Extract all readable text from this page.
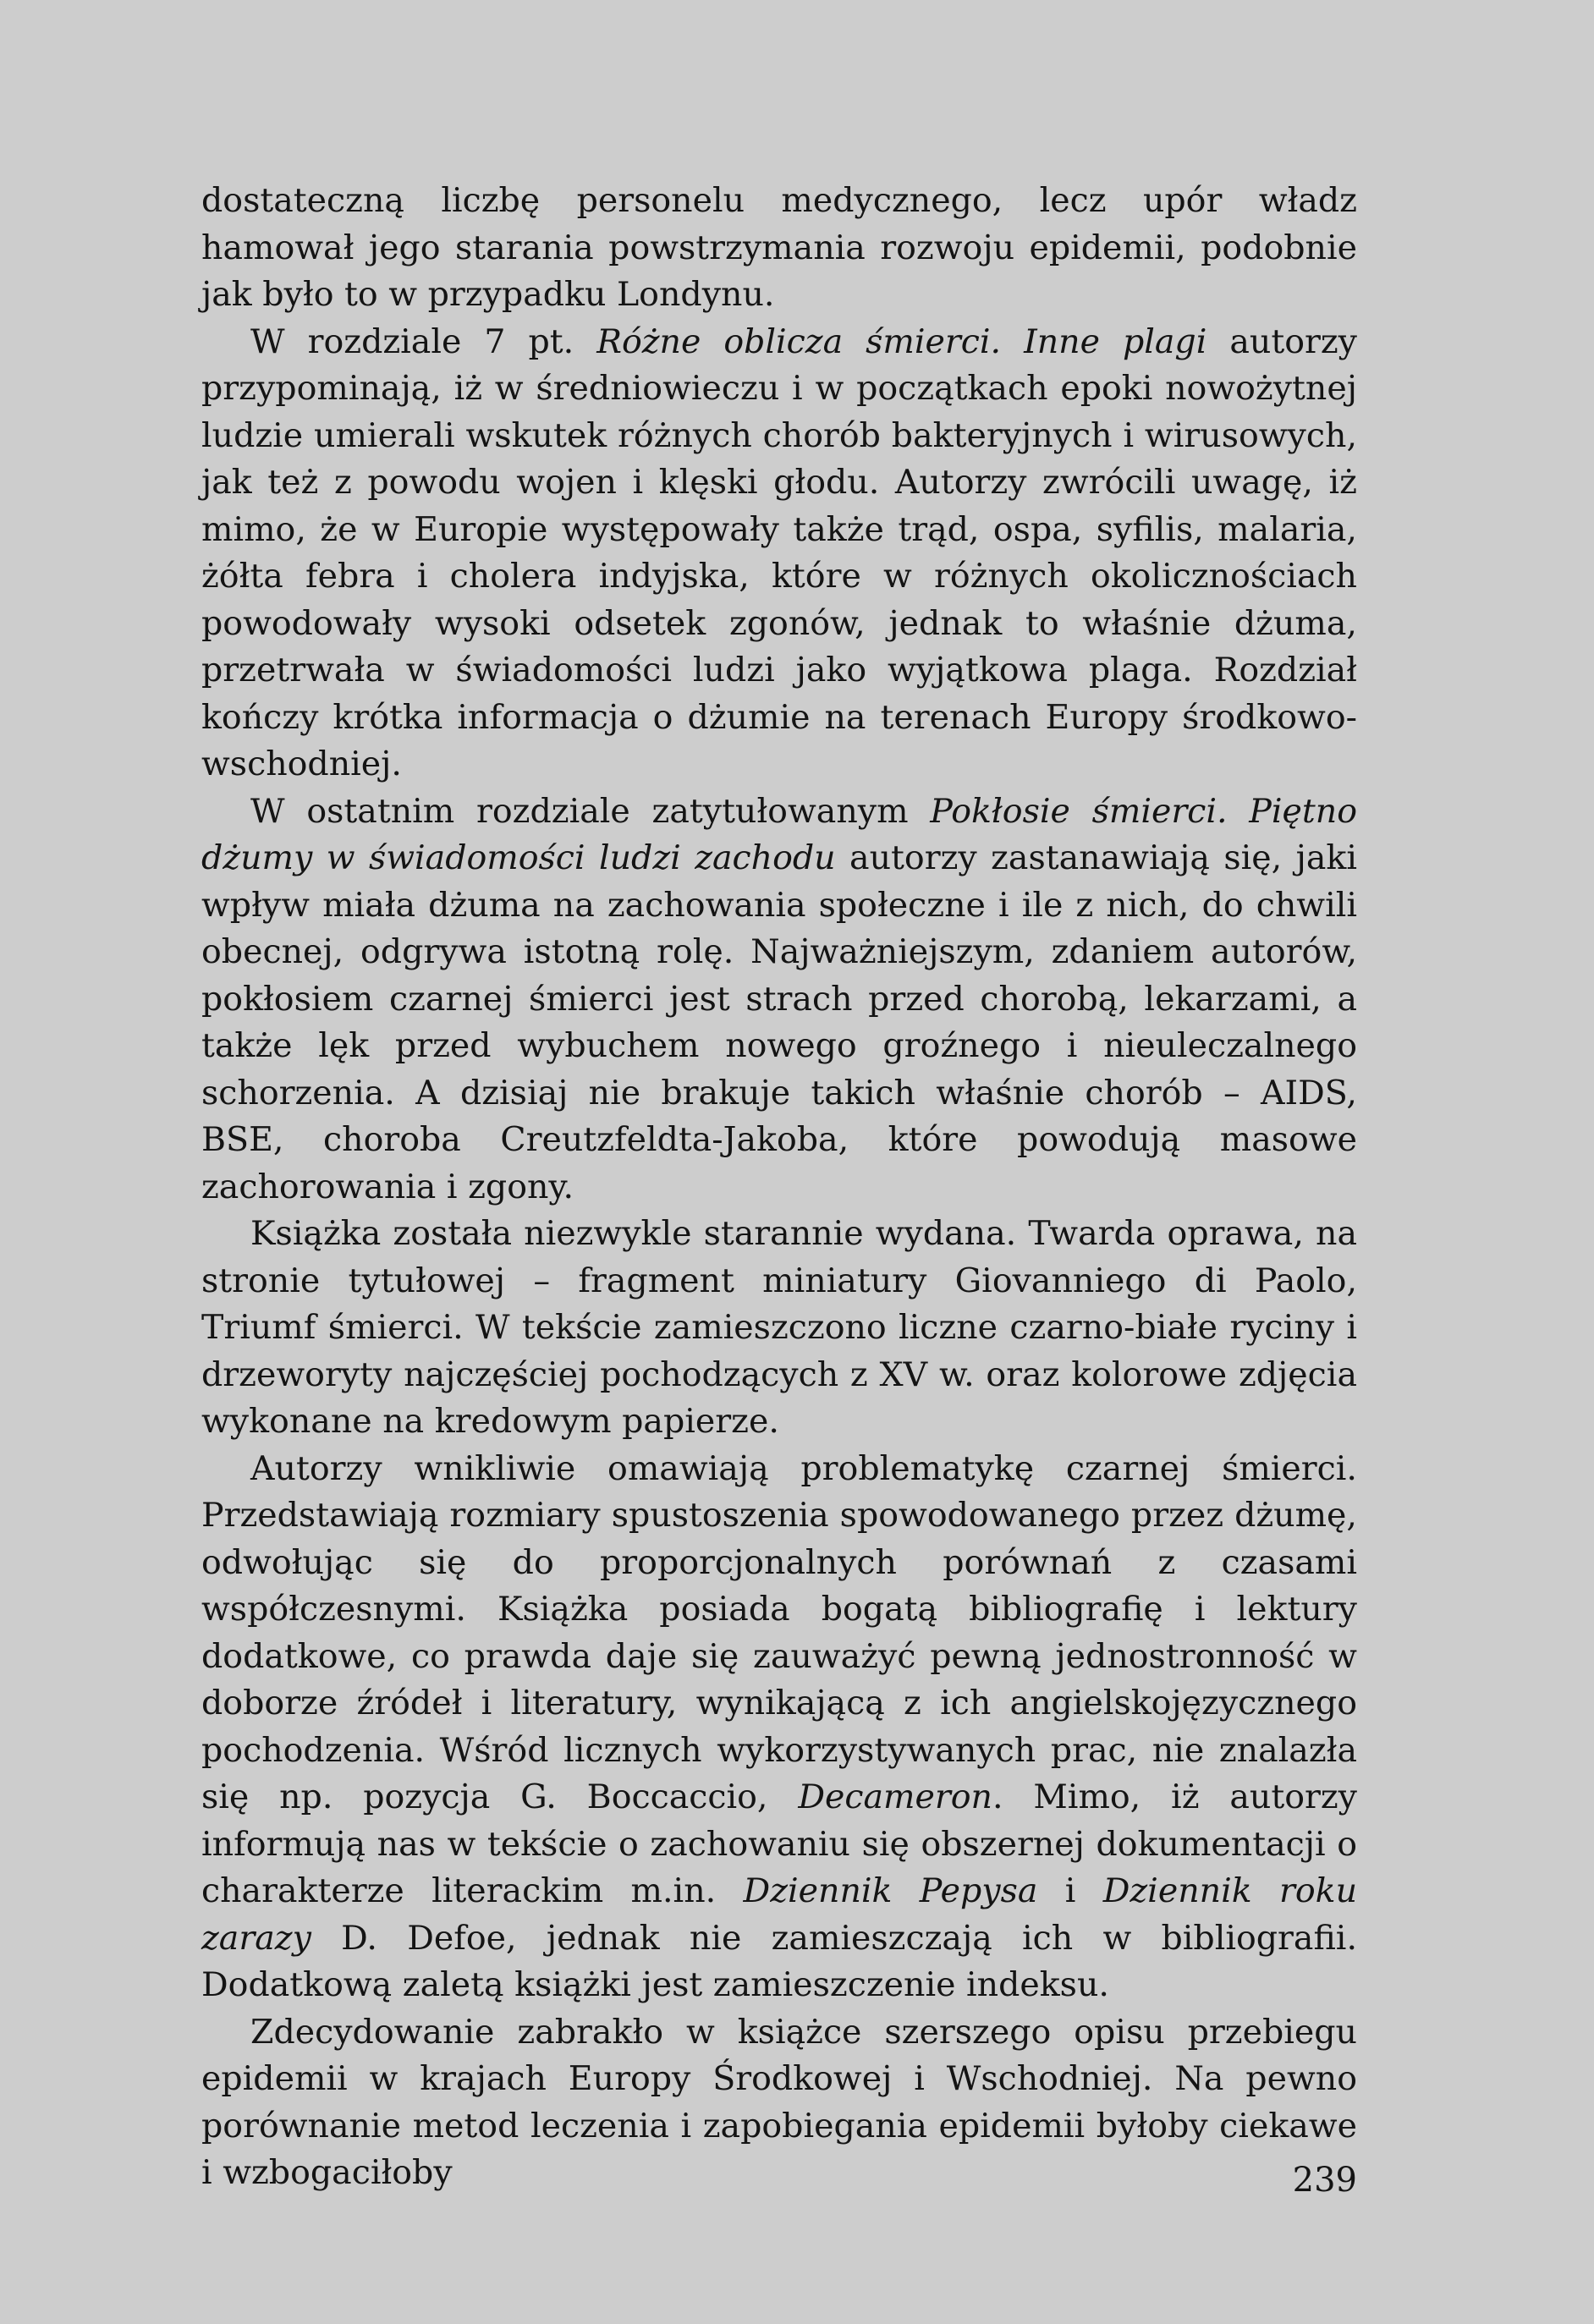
dostateczną liczbę personelu medycznego, lecz upór władz hamował jego starania powstrzymania rozwoju epidemii, podobnie jak było to w przypadku Londynu.

W rozdziale 7 pt. Różne oblicza śmierci. Inne plagi autorzy przypominają, iż w średniowieczu i w początkach epoki nowożytnej ludzie umierali wskutek różnych chorób bakteryjnych i wirusowych, jak też z powodu wojen i klęski głodu. Autorzy zwrócili uwagę, iż mimo, że w Europie występowały także trąd, ospa, syfilis, malaria, żółta febra i cholera indyjska, które w różnych okolicznościach powodowały wysoki odsetek zgonów, jednak to właśnie dżuma, przetrwała w świadomości ludzi jako wyjątkowa plaga. Rozdział kończy krótka informacja o dżumie na terenach Europy środkowo-wschodniej.

W ostatnim rozdziale zatytułowanym Pokłosie śmierci. Piętno dżumy w świadomości ludzi zachodu autorzy zastanawiają się, jaki wpływ miała dżuma na zachowania społeczne i ile z nich, do chwili obecnej, odgrywa istotną rolę. Najważniejszym, zdaniem autorów, pokłosiem czarnej śmierci jest strach przed chorobą, lekarzami, a także lęk przed wybuchem nowego groźnego i nieuleczalnego schorzenia. A dzisiaj nie brakuje takich właśnie chorób – AIDS, BSE, choroba Creutzfeldta-Jakoba, które powodują masowe zachorowania i zgony.

Książka została niezwykle starannie wydana. Twarda oprawa, na stronie tytułowej – fragment miniatury Giovanniego di Paolo, Triumf śmierci. W tekście zamieszczono liczne czarno-białe ryciny i drzeworyty najczęściej pochodzących z XV w. oraz kolorowe zdjęcia wykonane na kredowym papierze.

Autorzy wnikliwie omawiają problematykę czarnej śmierci. Przedstawiają rozmiary spustoszenia spowodowanego przez dżumę, odwołując się do proporcjonalnych porównań z czasami współczesnymi. Książka posiada bogatą bibliografię i lektury dodatkowe, co prawda daje się zauważyć pewną jednostronność w doborze źródeł i literatury, wynikającą z ich angielskojęzycznego pochodzenia. Wśród licznych wykorzystywanych prac, nie znalazła się np. pozycja G. Boccaccio, Decameron. Mimo, iż autorzy informują nas w tekście o zachowaniu się obszernej dokumentacji o charakterze literackim m.in. Dziennik Pepysa i Dziennik roku zarazy D. Defoe, jednak nie zamieszczają ich w bibliografii. Dodatkową zaletą książki jest zamieszczenie indeksu.

Zdecydowanie zabrakło w książce szerszego opisu przebiegu epidemii w krajach Europy Środkowej i Wschodniej. Na pewno porównanie metod leczenia i zapobiegania epidemii byłoby ciekawe i wzbogaciłoby	239
